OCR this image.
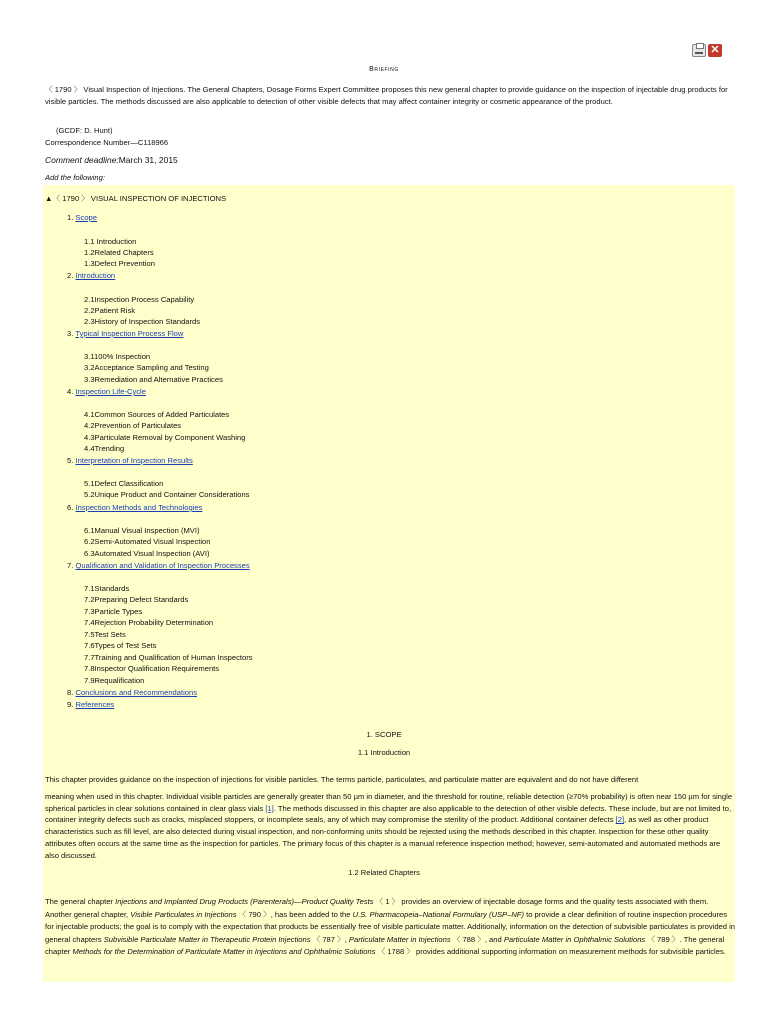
✕
Briefing
〈 1790 〉 Visual Inspection of Injections. The General Chapters, Dosage Forms Expert Committee proposes this new general chapter to provide guidance on the inspection of injectable drug products for visible particles. The methods discussed are also applicable to detection of other visible defects that may affect container integrity or cosmetic appearance of the product.
(GCDF: D. Hunt)
Correspondence Number—C118966
Comment deadline:March 31, 2015
Add the following:
▲〈 1790 〉 VISUAL INSPECTION OF INJECTIONS
1. Scope
1.1 Introduction
1.2Related Chapters
1.3Defect Prevention
2. Introduction
2.1Inspection Process Capability
2.2Patient Risk
2.3History of Inspection Standards
3. Typical Inspection Process Flow
3.1100% Inspection
3.2Acceptance Sampling and Testing
3.3Remediation and Alternative Practices
4. Inspection Life-Cycle
4.1Common Sources of Added Particulates
4.2Prevention of Particulates
4.3Particulate Removal by Component Washing
4.4Trending
5. Interpretation of Inspection Results
5.1Defect Classification
5.2Unique Product and Container Considerations
6. Inspection Methods and Technologies
6.1Manual Visual Inspection (MVI)
6.2Semi-Automated Visual Inspection
6.3Automated Visual Inspection (AVI)
7. Qualification and Validation of Inspection Processes
7.1Standards
7.2Preparing Defect Standards
7.3Particle Types
7.4Rejection Probability Determination
7.5Test Sets
7.6Types of Test Sets
7.7Training and Qualification of Human Inspectors
7.8Inspector Qualification Requirements
7.9Requalification
8. Conclusions and Recommendations
9. References
1. SCOPE
1.1 Introduction
This chapter provides guidance on the inspection of injections for visible particles. The terms particle, particulates, and particulate matter are equivalent and do not have different
meaning when used in this chapter. Individual visible particles are generally greater than 50 µm in diameter, and the threshold for routine, reliable detection (≥70% probability) is often near 150 µm for single spherical particles in clear solutions contained in clear glass vials [1]. The methods discussed in this chapter are also applicable to the detection of other visible defects. These include, but are not limited to, container integrity defects such as cracks, misplaced stoppers, or incomplete seals, any of which may compromise the sterility of the product. Additional container defects [2], as well as other product characteristics such as fill level, are also detected during visual inspection, and non-conforming units should be rejected using the methods described in this chapter. Inspection for these other quality attributes often occurs at the same time as the inspection for particles. The primary focus of this chapter is a manual reference inspection method; however, semi-automated and automated methods are also discussed.
1.2 Related Chapters
The general chapter Injections and Implanted Drug Products (Parenterals)—Product Quality Tests 〈 1 〉 provides an overview of injectable dosage forms and the quality tests associated with them. Another general chapter, Visible Particulates in Injections 〈 790 〉, has been added to the U.S. Pharmacopeia–National Formulary (USP–NF) to provide a clear definition of routine inspection procedures for injectable products; the goal is to comply with the expectation that products be essentially free of visible particulate matter. Additionally, information on the detection of subvisible particulates is provided in general chapters Subvisible Particulate Matter in Therapeutic Protein Injections 〈 787 〉, Particulate Matter in Injections 〈 788 〉, and Particulate Matter in Ophthalmic Solutions 〈 789 〉. The general chapter Methods for the Determination of Particulate Matter in Injections and Ophthalmic Solutions 〈 1788 〉 provides additional supporting information on measurement methods for subvisible particles.
